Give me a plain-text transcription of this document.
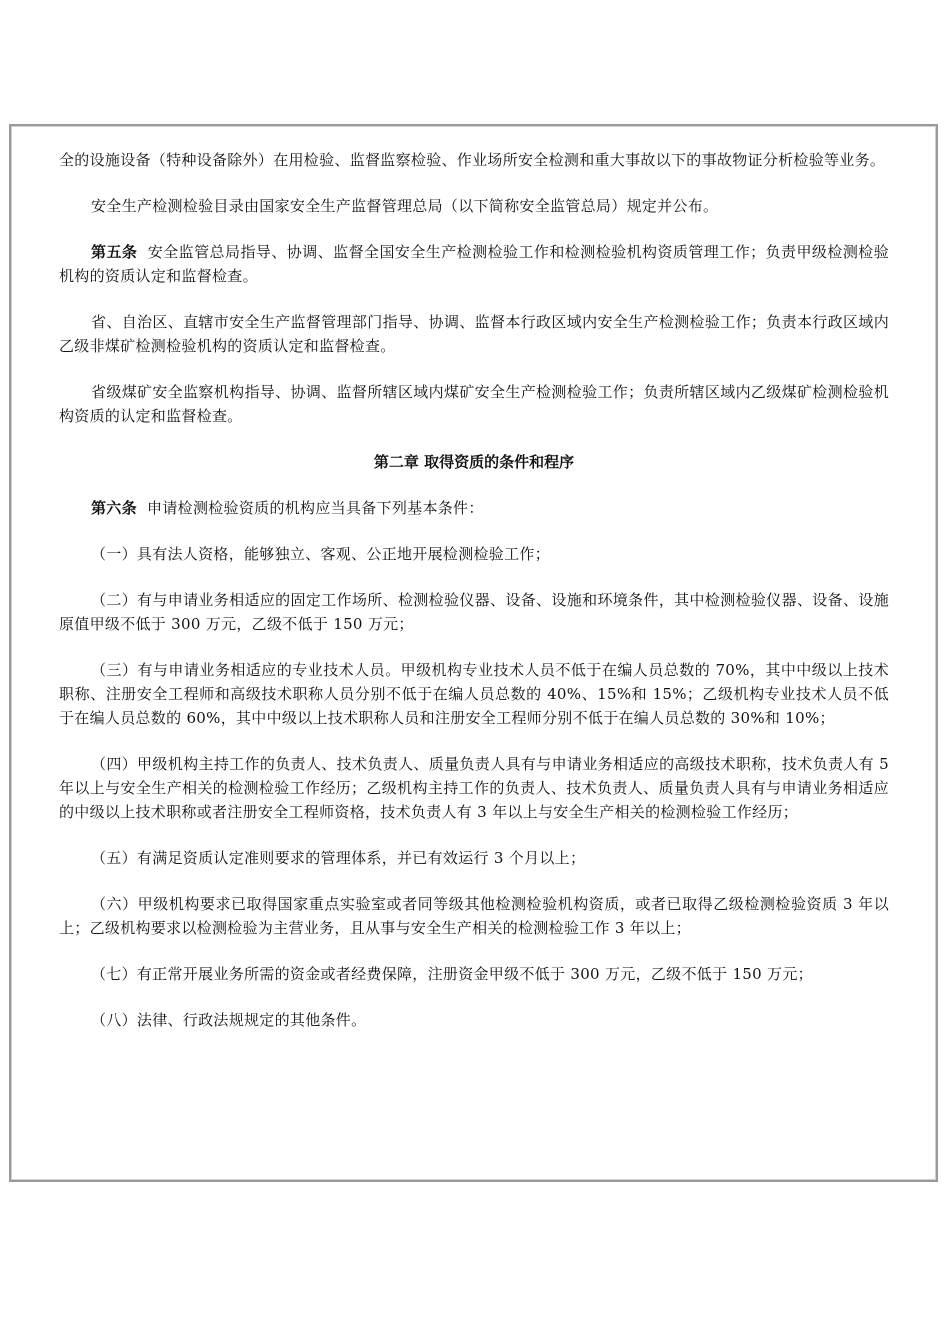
全的设施设备（特种设备除外）在用检验、监督监察检验、作业场所安全检测和重大事故以下的事故物证分析检验等业务。

安全生产检测检验目录由国家安全生产监督管理总局（以下简称安全监管总局）规定并公布。

第五条 安全监管总局指导、协调、监督全国安全生产检测检验工作和检测检验机构资质管理工作；负责甲级检测检验机构的资质认定和监督检查。

省、自治区、直辖市安全生产监督管理部门指导、协调、监督本行政区域内安全生产检测检验工作；负责本行政区域内乙级非煤矿检测检验机构的资质认定和监督检查。

省级煤矿安全监察机构指导、协调、监督所辖区域内煤矿安全生产检测检验工作；负责所辖区域内乙级煤矿检测检验机构资质的认定和监督检查。

第二章 取得资质的条件和程序

第六条 申请检测检验资质的机构应当具备下列基本条件：

（一）具有法人资格，能够独立、客观、公正地开展检测检验工作；

（二）有与申请业务相适应的固定工作场所、检测检验仪器、设备、设施和环境条件，其中检测检验仪器、设备、设施原值甲级不低于 300 万元，乙级不低于 150 万元；

（三）有与申请业务相适应的专业技术人员。甲级机构专业技术人员不低于在编人员总数的 70%，其中中级以上技术职称、注册安全工程师和高级技术职称人员分别不低于在编人员总数的 40%、15%和 15%；乙级机构专业技术人员不低于在编人员总数的 60%，其中中级以上技术职称人员和注册安全工程师分别不低于在编人员总数的 30%和 10%；

（四）甲级机构主持工作的负责人、技术负责人、质量负责人具有与申请业务相适应的高级技术职称，技术负责人有 5 年以上与安全生产相关的检测检验工作经历；乙级机构主持工作的负责人、技术负责人、质量负责人具有与申请业务相适应的中级以上技术职称或者注册安全工程师资格，技术负责人有 3 年以上与安全生产相关的检测检验工作经历；

（五）有满足资质认定准则要求的管理体系，并已有效运行 3 个月以上；

（六）甲级机构要求已取得国家重点实验室或者同等级其他检测检验机构资质，或者已取得乙级检测检验资质 3 年以上；乙级机构要求以检测检验为主营业务，且从事与安全生产相关的检测检验工作 3 年以上；

（七）有正常开展业务所需的资金或者经费保障，注册资金甲级不低于 300 万元，乙级不低于 150 万元；

（八）法律、行政法规规定的其他条件。
